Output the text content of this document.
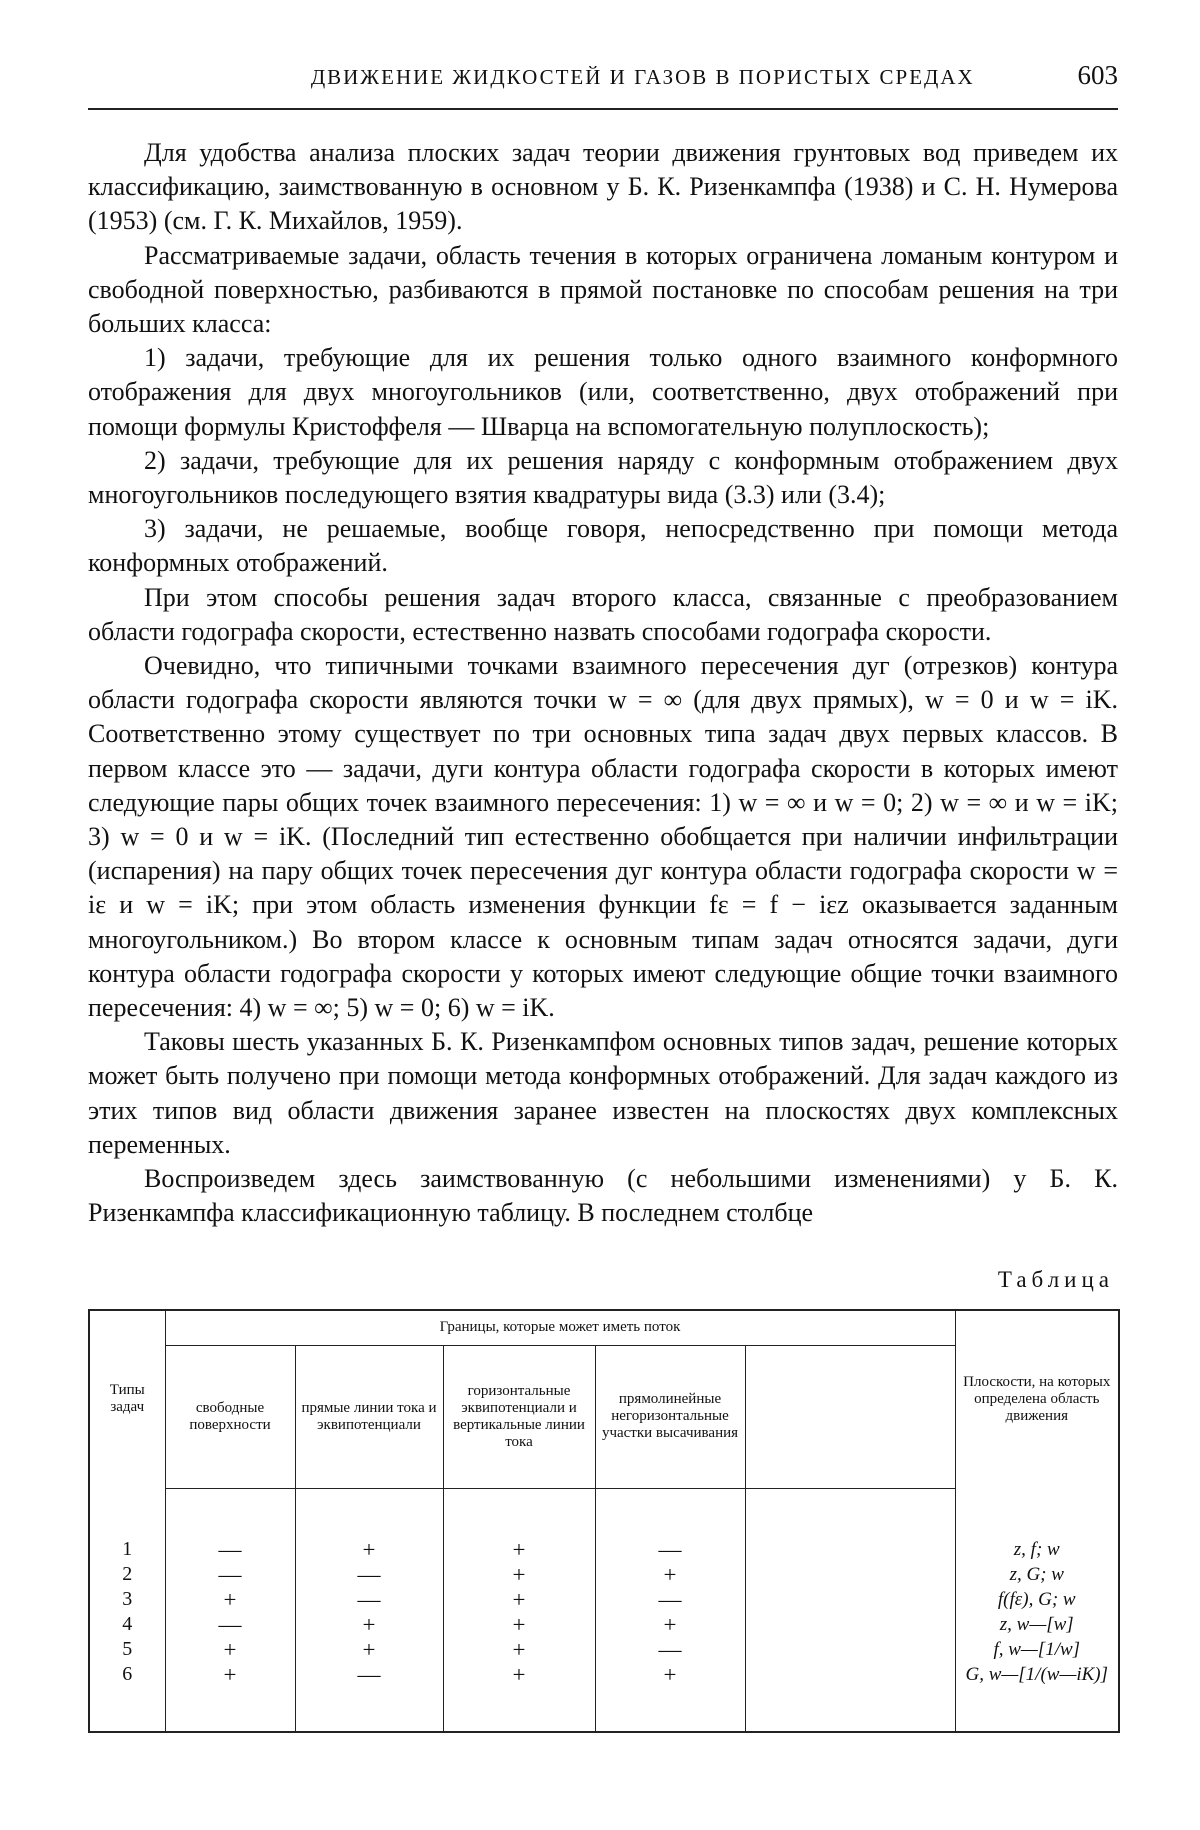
ДВИЖЕНИЕ ЖИДКОСТЕЙ И ГАЗОВ В ПОРИСТЫХ СРЕДАХ	603

Для удобства анализа плоских задач теории движения грунтовых вод приведем их классификацию, заимствованную в основном у Б. К. Ризенкампфа (1938) и С. Н. Нумерова (1953) (см. Г. К. Михайлов, 1959).

Рассматриваемые задачи, область течения в которых ограничена ломаным контуром и свободной поверхностью, разбиваются в прямой постановке по способам решения на три больших класса:

1) задачи, требующие для их решения только одного взаимного конформного отображения для двух многоугольников (или, соответственно, двух отображений при помощи формулы Кристоффеля — Шварца на вспомогательную полуплоскость);

2) задачи, требующие для их решения наряду с конформным отображением двух многоугольников последующего взятия квадратуры вида (3.3) или (3.4);

3) задачи, не решаемые, вообще говоря, непосредственно при помощи метода конформных отображений.

При этом способы решения задач второго класса, связанные с преобразованием области годографа скорости, естественно назвать способами годографа скорости.

Очевидно, что типичными точками взаимного пересечения дуг (отрезков) контура области годографа скорости являются точки w = ∞ (для двух прямых), w = 0 и w = iK. Соответственно этому существует по три основных типа задач двух первых классов. В первом классе это — задачи, дуги контура области годографа скорости в которых имеют следующие пары общих точек взаимного пересечения: 1) w = ∞ и w = 0; 2) w = ∞ и w = iK; 3) w = 0 и w = iK. (Последний тип естественно обобщается при наличии инфильтрации (испарения) на пару общих точек пересечения дуг контура области годографа скорости w = iε и w = iK; при этом область изменения функции fε = f − iεz оказывается заданным многоугольником.) Во втором классе к основным типам задач относятся задачи, дуги контура области годографа скорости у которых имеют следующие общие точки взаимного пересечения: 4) w = ∞; 5) w = 0; 6) w = iK.

Таковы шесть указанных Б. К. Ризенкампфом основных типов задач, решение которых может быть получено при помощи метода конформных отображений. Для задач каждого из этих типов вид области движения заранее известен на плоскостях двух комплексных переменных.

Воспроизведем здесь заимствованную (с небольшими изменениями) у Б. К. Ризенкампфа классификационную таблицу. В последнем столбце

Таблица
Типы задач	Границы, которые может иметь поток					Плоскости, на которых определена область движения
	свободные поверхности	прямые линии тока и эквипотенциали	горизонтальные эквипотенциали и вертикальные линии тока	прямолинейные негоризонтальные участки высачивания		

1	—	+	+	—		z, f; w
2	—	—	+	+		z, G; w
3	+	—	+	—		f(fε), G; w
4	—	+	+	+		z, w—[w]
5	+	+	+	—		f, w—[1/w]
6	+	—	+	+		G, w—[1/(w—iK)]
